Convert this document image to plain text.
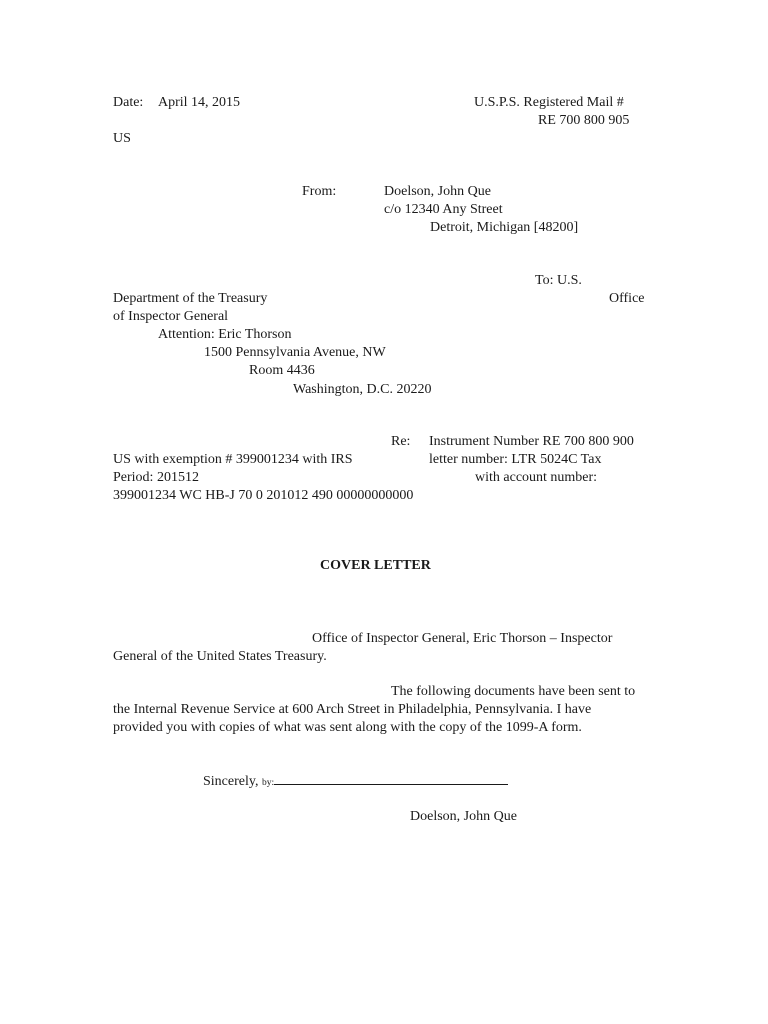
Date: April 14, 2015	U.S.P.S. Registered Mail #
RE 700 800 905
US
From:	Doelson, John Que
c/o 12340 Any Street
Detroit, Michigan [48200]
To: U.S.
Department of the Treasury	Office
of Inspector General
Attention: Eric Thorson
1500 Pennsylvania Avenue, NW
Room 4436
Washington, D.C. 20220
Re: Instrument Number RE 700 800 900
US with exemption # 399001234 with IRS	letter number: LTR 5024C Tax
Period: 201512	with account number:
399001234 WC HB-J 70 0 201012 490 00000000000
COVER LETTER
Office of Inspector General, Eric Thorson – Inspector
General of the United States Treasury.
The following documents have been sent to
the Internal Revenue Service at 600 Arch Street in Philadelphia, Pennsylvania. I have
provided you with copies of what was sent along with the copy of the 1099-A form.
Sincerely, by:
Doelson, John Que
